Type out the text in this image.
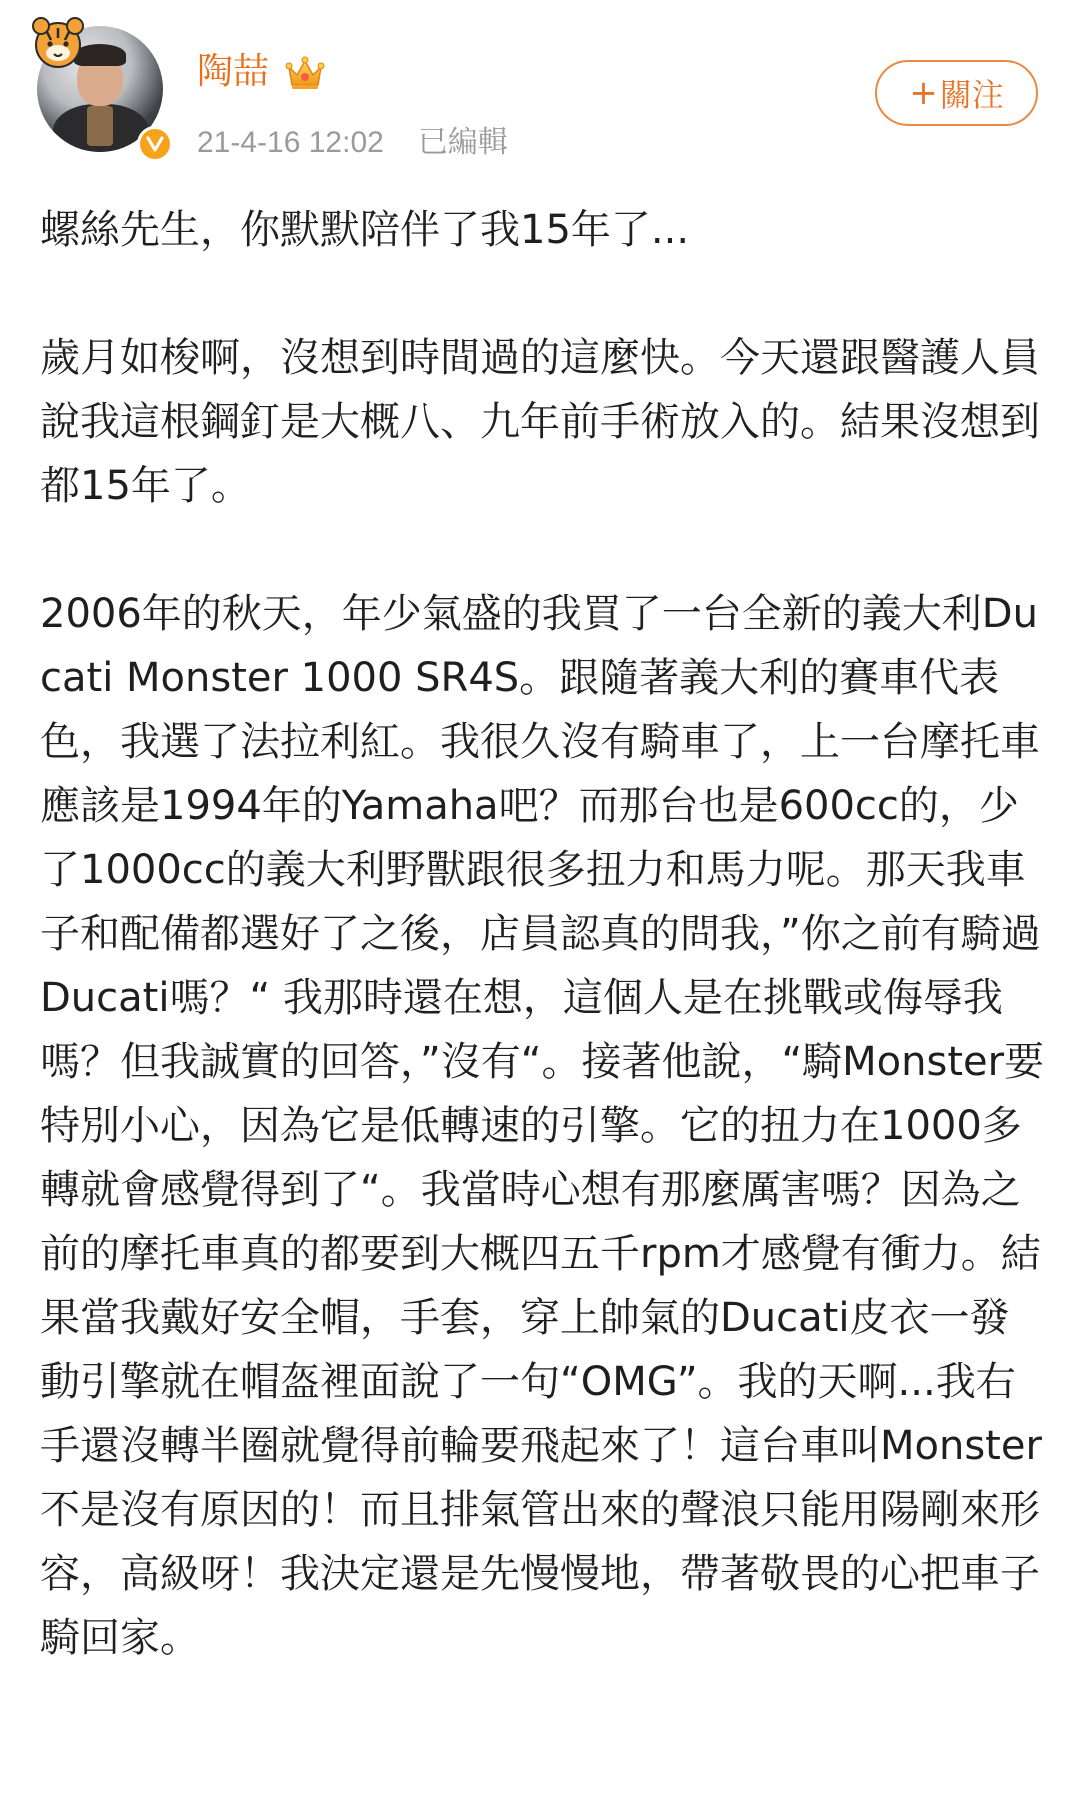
陶喆
21-4-16 12:02 已編輯
+ 關注

螺絲先生，你默默陪伴了我15年了...

歲月如梭啊，沒想到時間過的這麼快。今天還跟醫護人員說我這根鋼釘是大概八、九年前手術放入的。結果沒想到都15年了。

2006年的秋天，年少氣盛的我買了一台全新的義大利Ducati Monster 1000 SR4S。跟隨著義大利的賽車代表色，我選了法拉利紅。我很久沒有騎車了，上一台摩托車應該是1994年的Yamaha吧？而那台也是600cc的，少了1000cc的義大利野獸跟很多扭力和馬力呢。那天我車子和配備都選好了之後，店員認真的問我，”你之前有騎過Ducati嗎？“ 我那時還在想，這個人是在挑戰或侮辱我嗎？但我誠實的回答，”沒有“。接著他說，“騎Monster要特別小心，因為它是低轉速的引擎。它的扭力在1000多轉就會感覺得到了“。我當時心想有那麼厲害嗎？因為之前的摩托車真的都要到大概四五千rpm才感覺有衝力。結果當我戴好安全帽，手套，穿上帥氣的Ducati皮衣一發動引擎就在帽盔裡面說了一句“OMG”。我的天啊...我右手還沒轉半圈就覺得前輪要飛起來了！這台車叫Monster不是沒有原因的！而且排氣管出來的聲浪只能用陽剛來形容，高級呀！我決定還是先慢慢地，帶著敬畏的心把車子騎回家。
